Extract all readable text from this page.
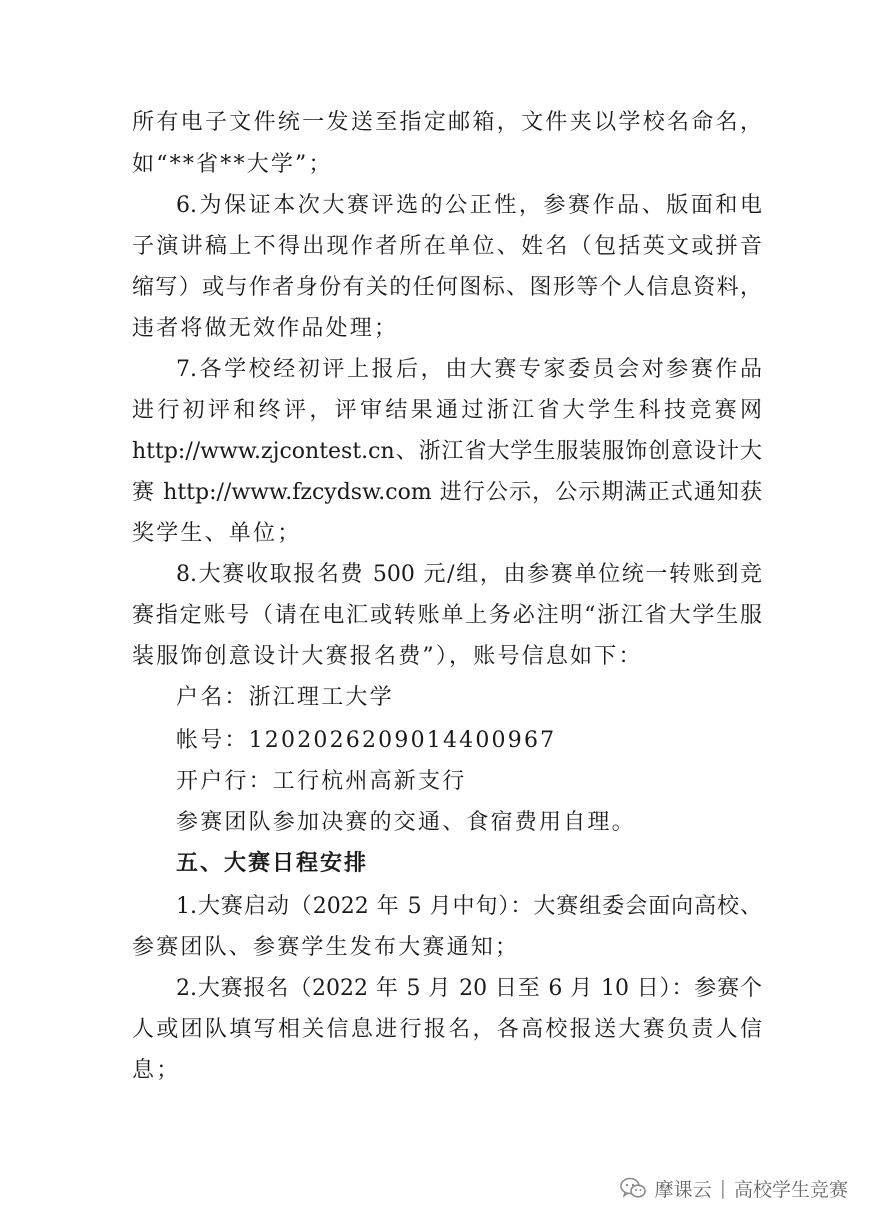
所有电子文件统一发送至指定邮箱，文件夹以学校名命名，
如“**省**大学”；
6.为保证本次大赛评选的公正性，参赛作品、版面和电
子演讲稿上不得出现作者所在单位、姓名（包括英文或拼音
缩写）或与作者身份有关的任何图标、图形等个人信息资料，
违者将做无效作品处理；
7.各学校经初评上报后，由大赛专家委员会对参赛作品
进行初评和终评，评审结果通过浙江省大学生科技竞赛网
http://www.zjcontest.cn、浙江省大学生服装服饰创意设计大
赛 http://www.fzcydsw.com 进行公示，公示期满正式通知获
奖学生、单位；
8.大赛收取报名费 500 元/组，由参赛单位统一转账到竞
赛指定账号（请在电汇或转账单上务必注明“浙江省大学生服
装服饰创意设计大赛报名费”），账号信息如下：
户名：浙江理工大学
帐号：1202026209014400967
开户行：工行杭州高新支行
参赛团队参加决赛的交通、食宿费用自理。
五、大赛日程安排
1.大赛启动（2022 年 5 月中旬）：大赛组委会面向高校、
参赛团队、参赛学生发布大赛通知；
2.大赛报名（2022 年 5 月 20 日至 6 月 10 日）：参赛个
人或团队填写相关信息进行报名，各高校报送大赛负责人信
息；
摩课云 | 高校学生竞赛
